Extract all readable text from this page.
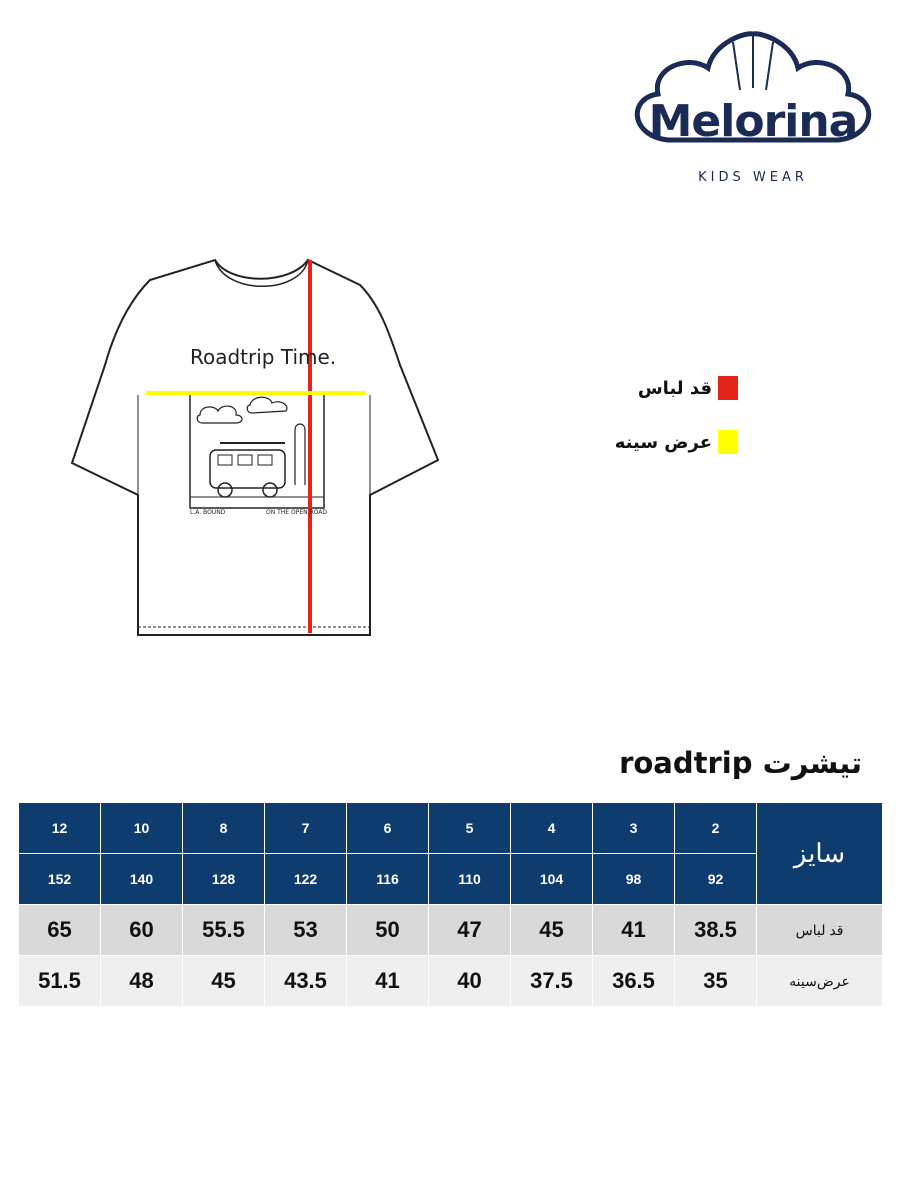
Melorina
KIDS WEAR
Roadtrip Time.
L.A. BOUND	ON THE OPEN ROAD
قد لباس
عرض سینه
تیشرت roadtrip
12	10	8	7	6	5	4	3	2	سایز
152	140	128	122	116	110	104	98	92	
65	60	55.5	53	50	47	45	41	38.5	قد لباس
51.5	48	45	43.5	41	40	37.5	36.5	35	عرض‌سینه
